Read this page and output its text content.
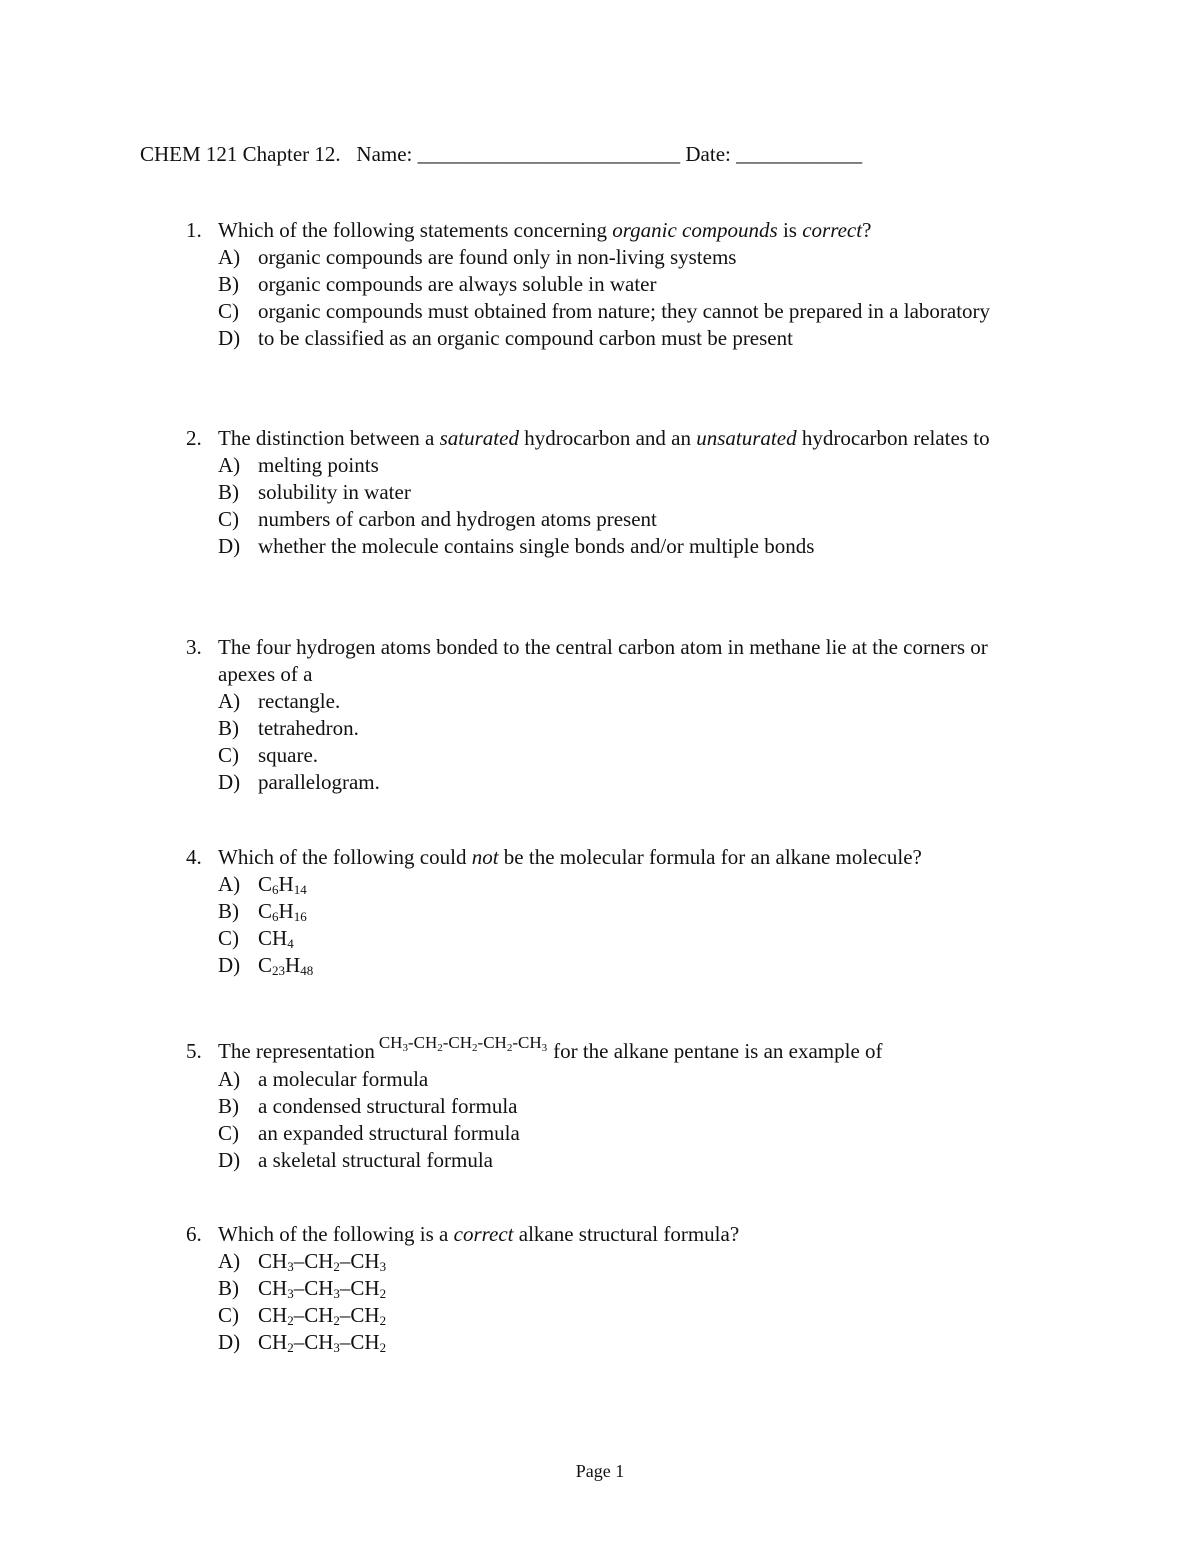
CHEM 121 Chapter 12. Name: _________________________ Date: ____________
1. Which of the following statements concerning organic compounds is correct?
A) organic compounds are found only in non-living systems
B) organic compounds are always soluble in water
C) organic compounds must obtained from nature; they cannot be prepared in a laboratory
D) to be classified as an organic compound carbon must be present
2. The distinction between a saturated hydrocarbon and an unsaturated hydrocarbon relates to
A) melting points
B) solubility in water
C) numbers of carbon and hydrogen atoms present
D) whether the molecule contains single bonds and/or multiple bonds
3. The four hydrogen atoms bonded to the central carbon atom in methane lie at the corners or apexes of a
A) rectangle.
B) tetrahedron.
C) square.
D) parallelogram.
4. Which of the following could not be the molecular formula for an alkane molecule?
A) $C_6H_{14}$
B) $C_6H_{16}$
C) $CH_4$
D) $C_{23}H_{48}$
5. The representation $^{CH_3-CH_2-CH_2-CH_2-CH_3}$ for the alkane pentane is an example of
A) a molecular formula
B) a condensed structural formula
C) an expanded structural formula
D) a skeletal structural formula
6. Which of the following is a correct alkane structural formula?
A) $CH_3-CH_2-CH_3$
B) $CH_3-CH_3-CH_2$
C) $CH_2-CH_2-CH_2$
D) $CH_2-CH_3-CH_2$
Page 1
